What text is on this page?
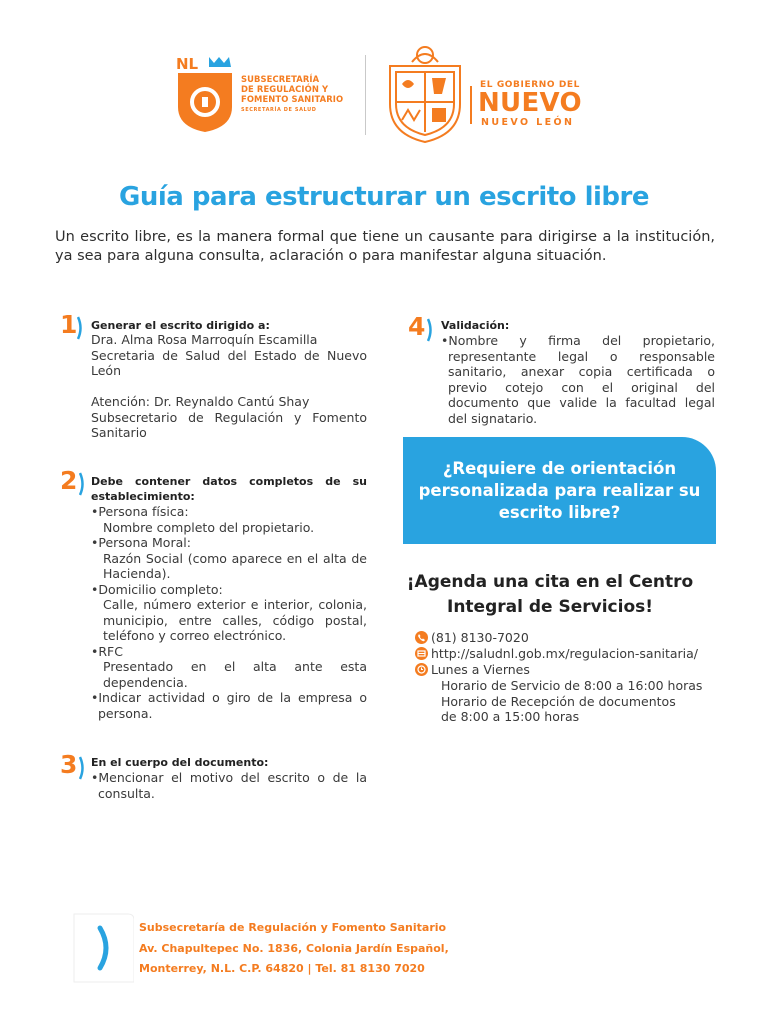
NL
SUBSECRETARÍA
DE REGULACIÓN Y
FOMENTO SANITARIO
SECRETARÍA DE SALUD
EL GOBIERNO DEL
NUEVO
NUEVO LEÓN
Guía para estructurar un escrito libre
Un escrito libre, es la manera formal que tiene un causante para dirigirse a la institución, ya sea para alguna consulta, aclaración o para manifestar alguna situación.
1 Generar el escrito dirigido a:
Dra. Alma Rosa Marroquín Escamilla
Secretaria de Salud del Estado de Nuevo León
Atención: Dr. Reynaldo Cantú Shay
Subsecretario de Regulación y Fomento Sanitario
2 Debe contener datos completos de su establecimiento:
•Persona física:
Nombre completo del propietario.
•Persona Moral:
Razón Social (como aparece en el alta de Hacienda).
•Domicilio completo:
Calle, número exterior e interior, colonia, municipio, entre calles, código postal, teléfono y correo electrónico.
•RFC
Presentado en el alta ante esta dependencia.
•Indicar actividad o giro de la empresa o persona.
3 En el cuerpo del documento:
•Mencionar el motivo del escrito o de la consulta.
4 Validación:
•Nombre y firma del propietario, representante legal o responsable sanitario, anexar copia certificada o previo cotejo con el original del documento que valide la facultad legal del signatario.
¿Requiere de orientación personalizada para realizar su escrito libre?
¡Agenda una cita en el Centro Integral de Servicios!
(81) 8130-7020
http://saludnl.gob.mx/regulacion-sanitaria/
Lunes a Viernes
Horario de Servicio de 8:00 a 16:00 horas
Horario de Recepción de documentos
de 8:00 a 15:00 horas
Subsecretaría de Regulación y Fomento Sanitario
Av. Chapultepec No. 1836, Colonia Jardín Español,
Monterrey, N.L. C.P. 64820 | Tel. 81 8130 7020
